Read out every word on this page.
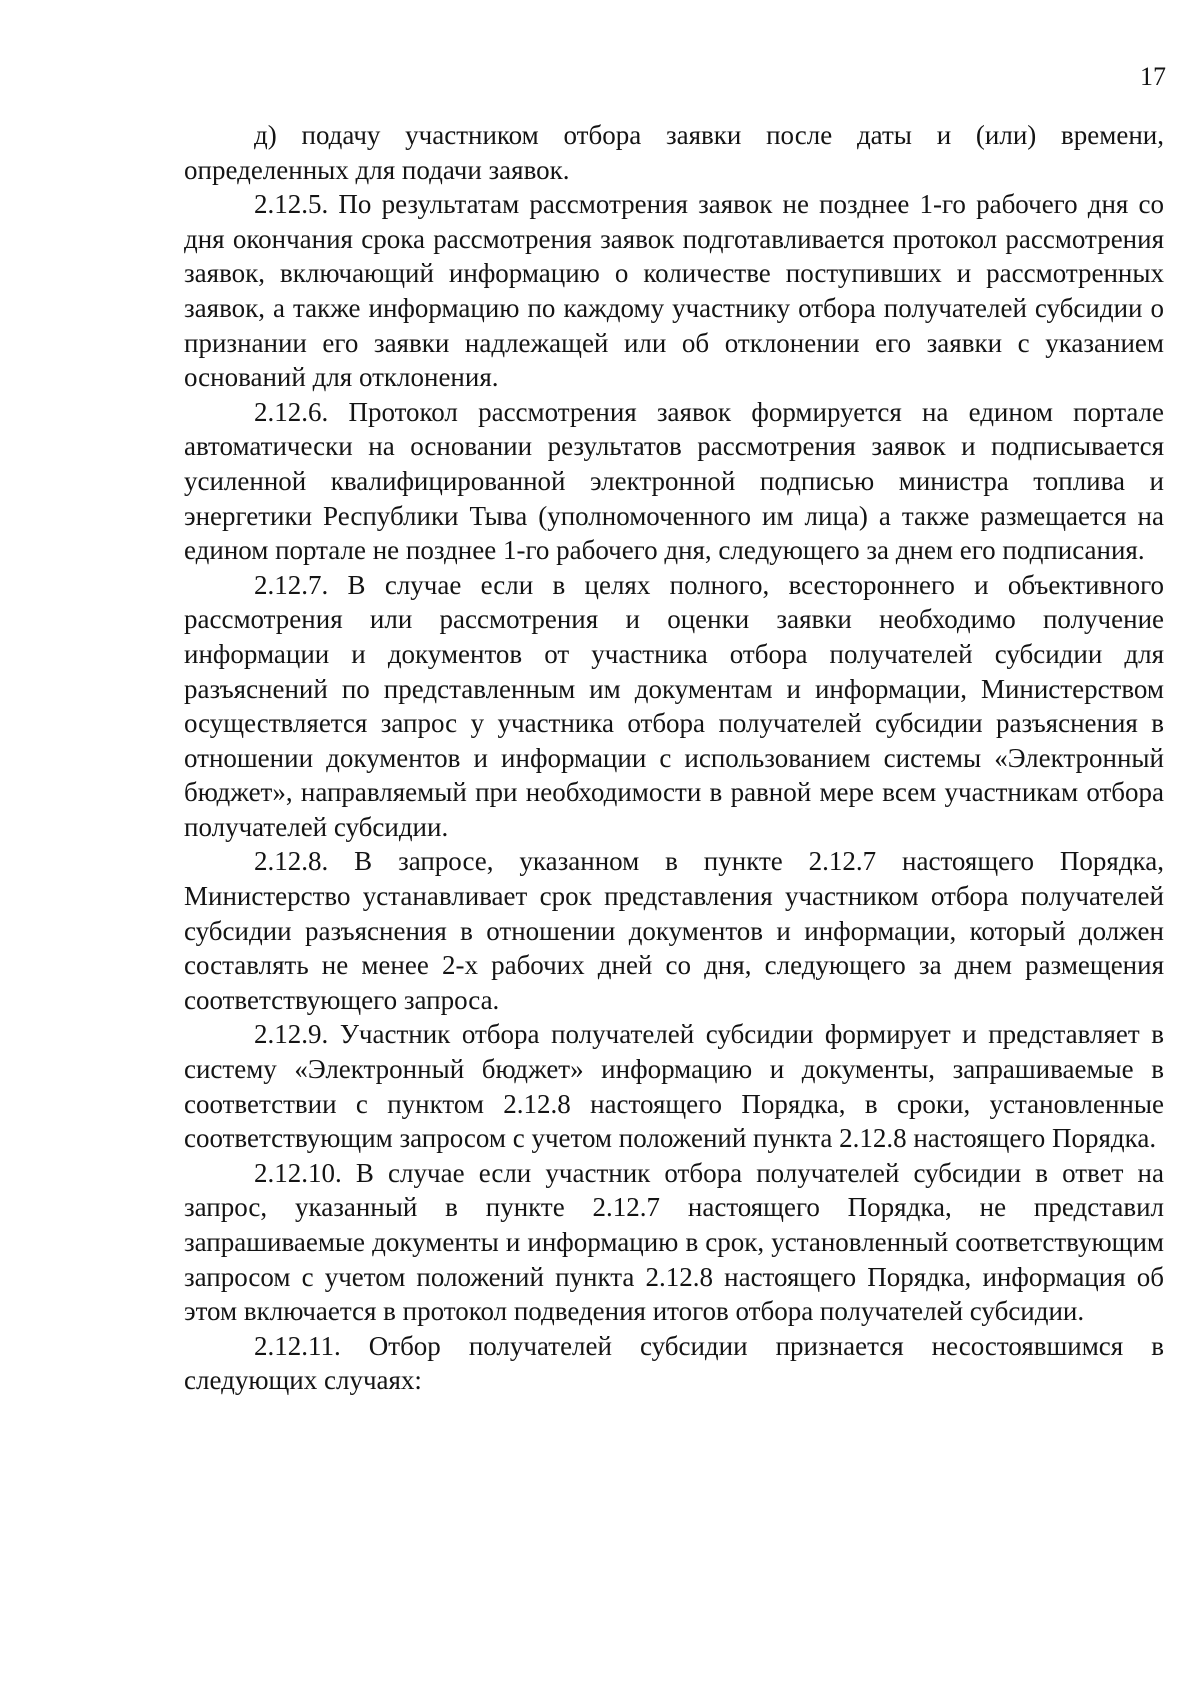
17

д) подачу участником отбора заявки после даты и (или) времени, определенных для подачи заявок.

2.12.5. По результатам рассмотрения заявок не позднее 1-го рабочего дня со дня окончания срока рассмотрения заявок подготавливается протокол рассмотрения заявок, включающий информацию о количестве поступивших и рассмотренных заявок, а также информацию по каждому участнику отбора получателей субсидии о признании его заявки надлежащей или об отклонении его заявки с указанием оснований для отклонения.

2.12.6. Протокол рассмотрения заявок формируется на едином портале автоматически на основании результатов рассмотрения заявок и подписывается усиленной квалифицированной электронной подписью министра топлива и энергетики Республики Тыва (уполномоченного им лица) а также размещается на едином портале не позднее 1-го рабочего дня, следующего за днем его подписания.

2.12.7. В случае если в целях полного, всестороннего и объективного рассмотрения или рассмотрения и оценки заявки необходимо получение информации и документов от участника отбора получателей субсидии для разъяснений по представленным им документам и информации, Министерством осуществляется запрос у участника отбора получателей субсидии разъяснения в отношении документов и информации с использованием системы «Электронный бюджет», направляемый при необходимости в равной мере всем участникам отбора получателей субсидии.

2.12.8. В запросе, указанном в пункте 2.12.7 настоящего Порядка, Министерство устанавливает срок представления участником отбора получателей субсидии разъяснения в отношении документов и информации, который должен составлять не менее 2-х рабочих дней со дня, следующего за днем размещения соответствующего запроса.

2.12.9. Участник отбора получателей субсидии формирует и представляет в систему «Электронный бюджет» информацию и документы, запрашиваемые в соответствии с пунктом 2.12.8 настоящего Порядка, в сроки, установленные соответствующим запросом с учетом положений пункта 2.12.8 настоящего Порядка.

2.12.10. В случае если участник отбора получателей субсидии в ответ на запрос, указанный в пункте 2.12.7 настоящего Порядка, не представил запрашиваемые документы и информацию в срок, установленный соответствующим запросом с учетом положений пункта 2.12.8 настоящего Порядка, информация об этом включается в протокол подведения итогов отбора получателей субсидии.

2.12.11. Отбор получателей субсидии признается несостоявшимся в следующих случаях:
